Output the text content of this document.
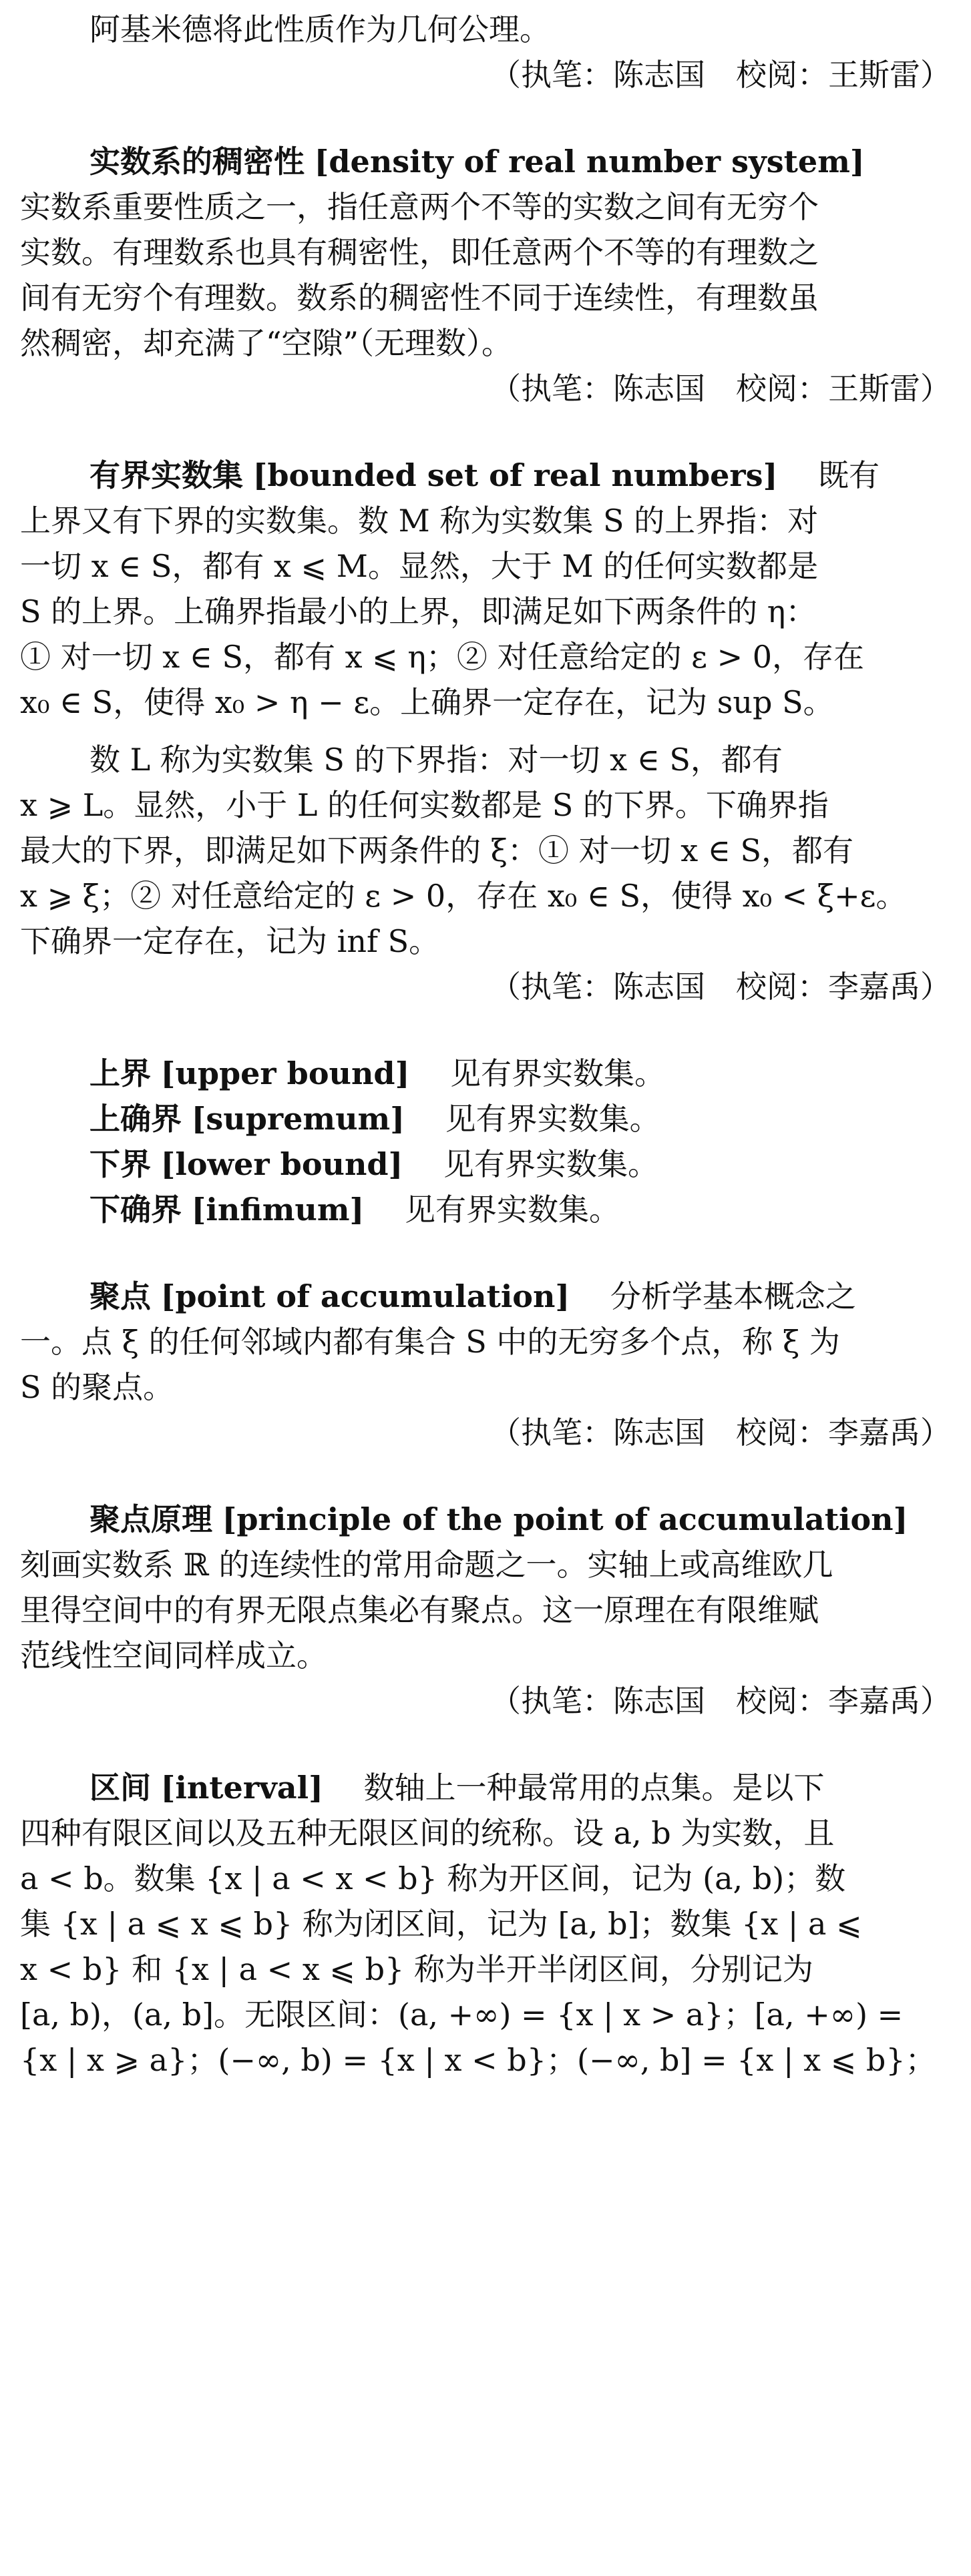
阿基米德将此性质作为几何公理。

（执笔：陈志国　校阅：王斯雷）

实数系的稠密性 [density of real number system]

实数系重要性质之一，指任意两个不等的实数之间有无穷个

实数。有理数系也具有稠密性，即任意两个不等的有理数之

间有无穷个有理数。数系的稠密性不同于连续性，有理数虽

然稠密，却充满了“空隙”（无理数）。

（执笔：陈志国　校阅：王斯雷）

有界实数集 [bounded set of real numbers] 　既有

上界又有下界的实数集。数 M 称为实数集 S 的上界指：对

一切 x ∈ S，都有 x ⩽ M。显然，大于 M 的任何实数都是

S 的上界。上确界指最小的上界，即满足如下两条件的 η：

① 对一切 x ∈ S，都有 x ⩽ η；② 对任意给定的 ε > 0，存在

x₀ ∈ S，使得 x₀ > η − ε。上确界一定存在，记为 sup S。

数 L 称为实数集 S 的下界指：对一切 x ∈ S，都有

x ⩾ L。显然，小于 L 的任何实数都是 S 的下界。下确界指

最大的下界，即满足如下两条件的 ξ：① 对一切 x ∈ S，都有

x ⩾ ξ；② 对任意给定的 ε > 0，存在 x₀ ∈ S，使得 x₀ < ξ+ε。

下确界一定存在，记为 inf S。

（执笔：陈志国　校阅：李嘉禹）

上界 [upper bound] 　 见有界实数集。

上确界 [supremum] 　 见有界实数集。

下界 [lower bound] 　 见有界实数集。

下确界 [infimum] 　 见有界实数集。

聚点 [point of accumulation] 　 分析学基本概念之

一。点 ξ 的任何邻域内都有集合 S 中的无穷多个点，称 ξ 为

S 的聚点。

（执笔：陈志国　校阅：李嘉禹）

聚点原理 [principle of the point of accumulation]

刻画实数系 ℝ 的连续性的常用命题之一。实轴上或高维欧几

里得空间中的有界无限点集必有聚点。这一原理在有限维赋

范线性空间同样成立。

（执笔：陈志国　校阅：李嘉禹）

区间 [interval] 　 数轴上一种最常用的点集。是以下

四种有限区间以及五种无限区间的统称。设 a, b 为实数，且

a < b。数集 {x | a < x < b} 称为开区间，记为 (a, b)；数

集 {x | a ⩽ x ⩽ b} 称为闭区间，记为 [a, b]；数集 {x | a ⩽

x < b} 和 {x | a < x ⩽ b} 称为半开半闭区间，分别记为

[a, b)，(a, b]。无限区间：(a, +∞) = {x | x > a}；[a, +∞) =

{x | x ⩾ a}；(−∞, b) = {x | x < b}；(−∞, b] = {x | x ⩽ b}；
